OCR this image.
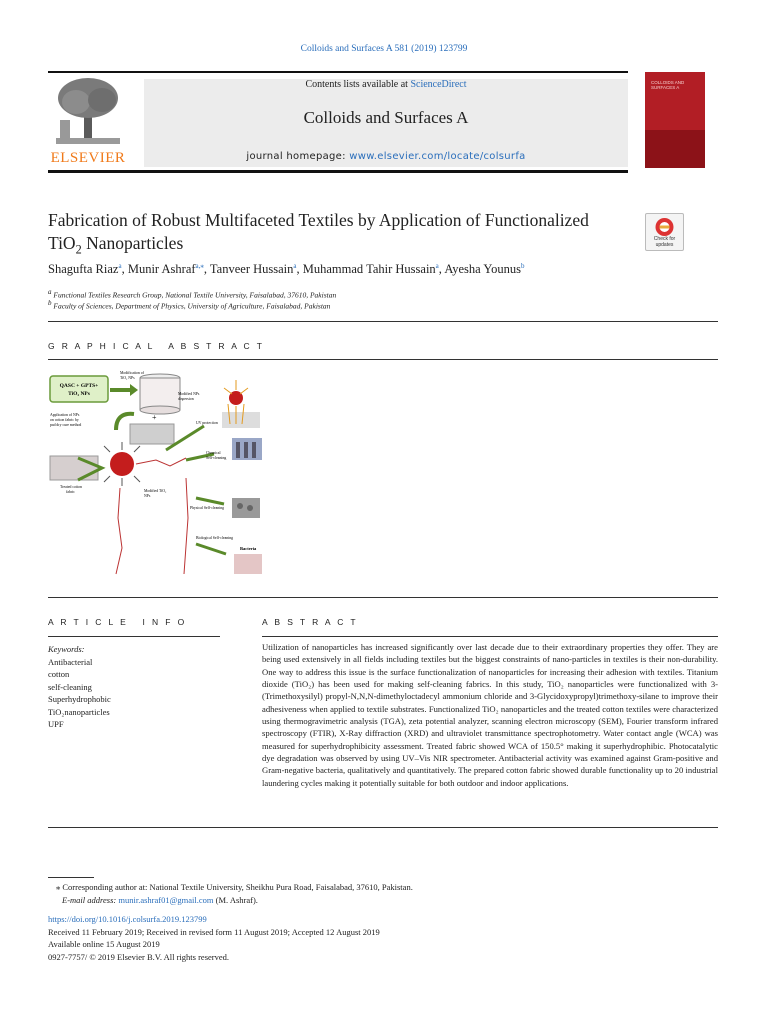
Colloids and Surfaces A 581 (2019) 123799
ELSEVIER
Contents lists available at ScienceDirect
Colloids and Surfaces A
journal homepage: www.elsevier.com/locate/colsurfa
COLLOIDS AND SURFACES A
Fabrication of Robust Multifaceted Textiles by Application of Functionalized
TiO$_2$ Nanoparticles	Check for
updates
Shagufta Riaz$^a$, Munir Ashraf$^{a,⁎}$, Tanveer Hussain$^a$, Muhammad Tahir Hussain$^a$, Ayesha Younus$^b$
$^a$ Functional Textiles Research Group, National Textile University, Faisalabad, 37610, Pakistan
$^b$ Faculty of Sciences, Department of Physics, University of Agriculture, Faisalabad, Pakistan
G R A P H I C A L   A B S T R A C T
QASC + GPTS+
TiO₂ NPs
Modification of
TiO₂ NPs
Modified NPs
dispersion
+
Application of NPs
on cotton fabric by
pad dry cure method	UV protection
Treated cotton
fabric	Modified TiO₂
NPs
Chemical
Self-cleaning
Physical Self-cleaning
Biological Self-cleaning
Bacteria
A R T I C L E   I N F O
Keywords:
Antibacterial
cotton
self-cleaning
Superhydrophobic
TiO₂nanoparticles
UPF
A B S T R A C T
Utilization of nanoparticles has increased significantly over last decade due to their extraordinary properties they offer. They are being used extensively in all fields including textiles but the biggest constraints of nano-particles in textiles is their non-durability. One way to address this issue is the surface functionalization of nanoparticles for increasing their adhesion with textiles. Titanium dioxide (TiO₂) has been used for making self-cleaning fabrics. In this study, TiO₂ nanoparticles were functionalized with 3-(Trimethoxysilyl) propyl-N,N,N-dimethyloctadecyl ammonium chloride and 3-Glycidoxypropyl)trimethoxy-silane to improve their adhesiveness when applied to textile substrates. Functionalized TiO₂ nanoparticles and the treated cotton textiles were characterized using thermogravimetric analysis (TGA), zeta potential analyzer, scanning electron microscopy (SEM), Fourier transform infrared spectroscopy (FTIR), X-Ray diffraction (XRD) and ultraviolet transmittance spectrophotometry. Water contact angle (WCA) was measured for superhydrophibicity assessment. Treated fabric showed WCA of 150.5° making it superhydrophibic. Photocatalytic dye degradation was observed by using UV–Vis NIR spectrometer. Antibacterial activity was examined against Gram-positive and Gram-negative bacteria, qualitatively and quantitatively. The prepared cotton fabric showed durable functionality up to 20 industrial laundering cycles making it potentially suitable for both outdoor and indoor applications.
⁎ Corresponding author at: National Textile University, Sheikhu Pura Road, Faisalabad, 37610, Pakistan.
E-mail address: munir.ashraf01@gmail.com (M. Ashraf).
https://doi.org/10.1016/j.colsurfa.2019.123799
Received 11 February 2019; Received in revised form 11 August 2019; Accepted 12 August 2019
Available online 15 August 2019
0927-7757/ © 2019 Elsevier B.V. All rights reserved.
